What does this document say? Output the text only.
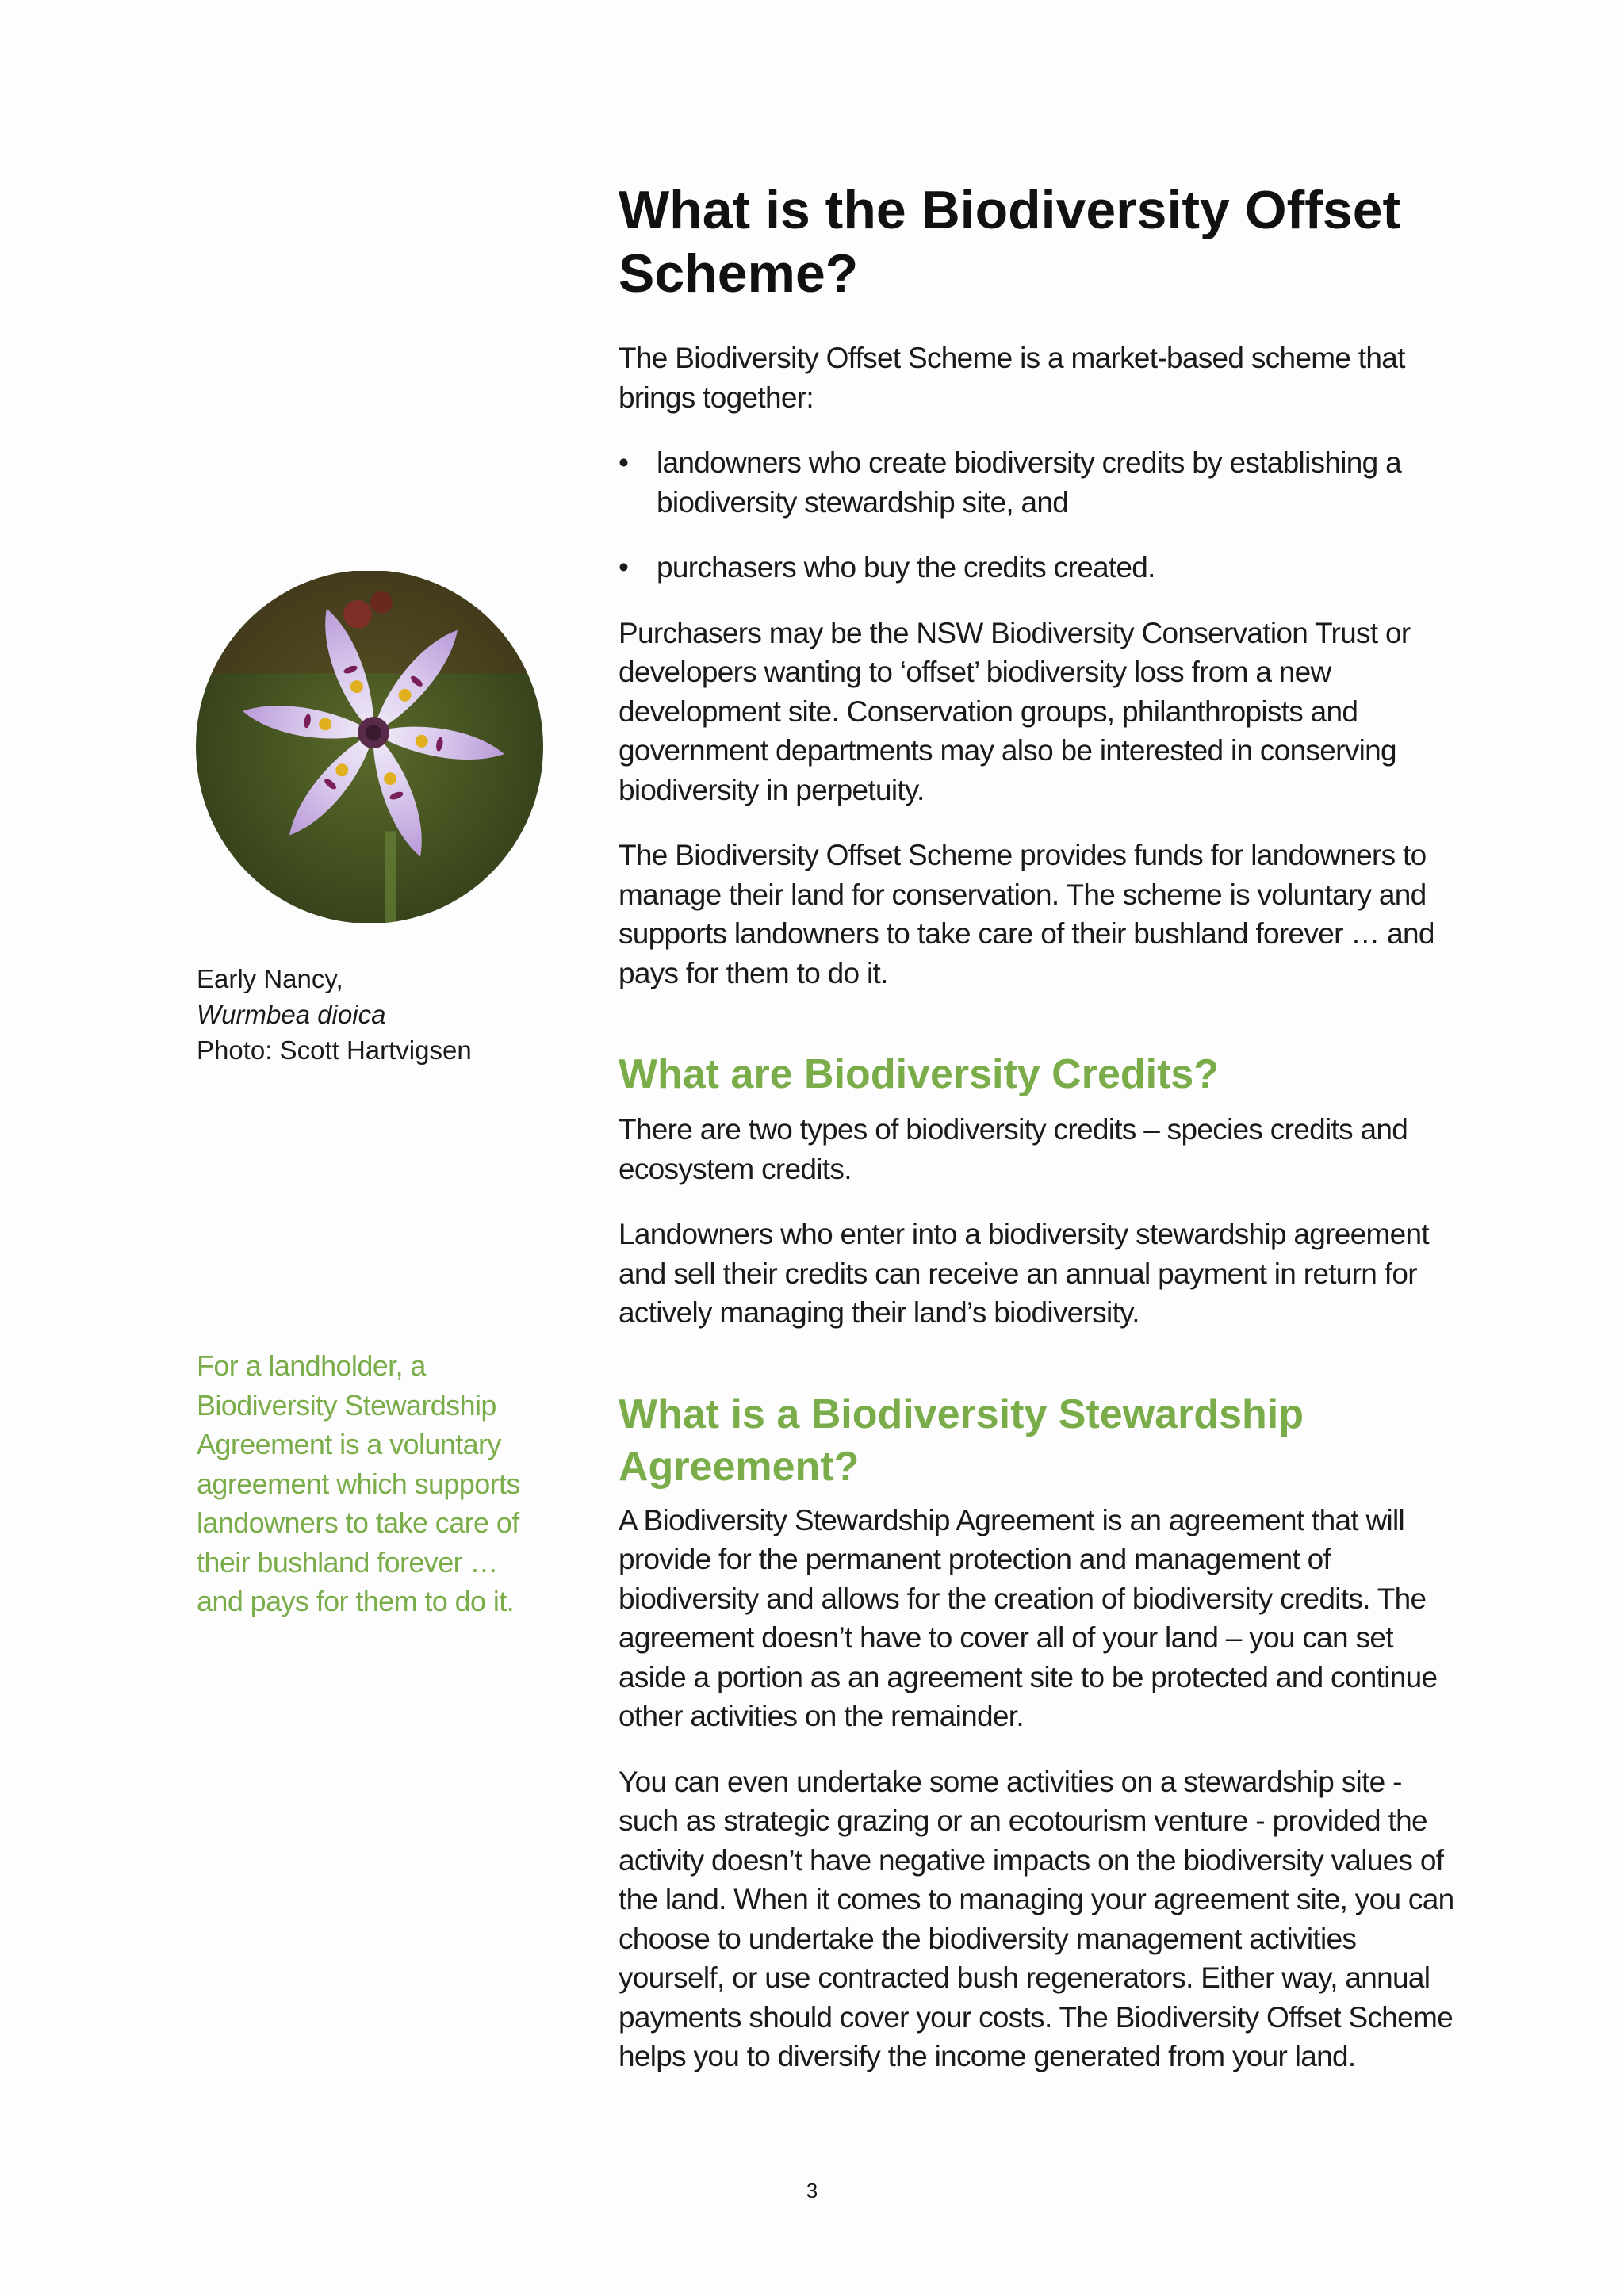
Early Nancy,
Wurmbea dioica
Photo: Scott Hartvigsen
For a landholder, a Biodiversity Stewardship Agreement is a voluntary agreement which supports landowners to take care of their bushland forever … and pays for them to do it.
What is the Biodiversity Offset Scheme?

The Biodiversity Offset Scheme is a market-based scheme that brings together:

• landowners who create biodiversity credits by establishing a biodiversity stewardship site, and
• purchasers who buy the credits created.

Purchasers may be the NSW Biodiversity Conservation Trust or developers wanting to ‘offset’ biodiversity loss from a new development site. Conservation groups, philanthropists and government departments may also be interested in conserving biodiversity in perpetuity.

The Biodiversity Offset Scheme provides funds for landowners to manage their land for conservation. The scheme is voluntary and supports landowners to take care of their bushland forever … and pays for them to do it.

What are Biodiversity Credits?

There are two types of biodiversity credits – species credits and ecosystem credits.

Landowners who enter into a biodiversity stewardship agreement and sell their credits can receive an annual payment in return for actively managing their land’s biodiversity.

What is a Biodiversity Stewardship Agreement?

A Biodiversity Stewardship Agreement is an agreement that will provide for the permanent protection and management of biodiversity and allows for the creation of biodiversity credits. The agreement doesn’t have to cover all of your land – you can set aside a portion as an agreement site to be protected and continue other activities on the remainder.

You can even undertake some activities on a stewardship site - such as strategic grazing or an ecotourism venture - provided the activity doesn’t have negative impacts on the biodiversity values of the land. When it comes to managing your agreement site, you can choose to undertake the biodiversity management activities yourself, or use contracted bush regenerators. Either way, annual payments should cover your costs. The Biodiversity Offset Scheme helps you to diversify the income generated from your land.

3
